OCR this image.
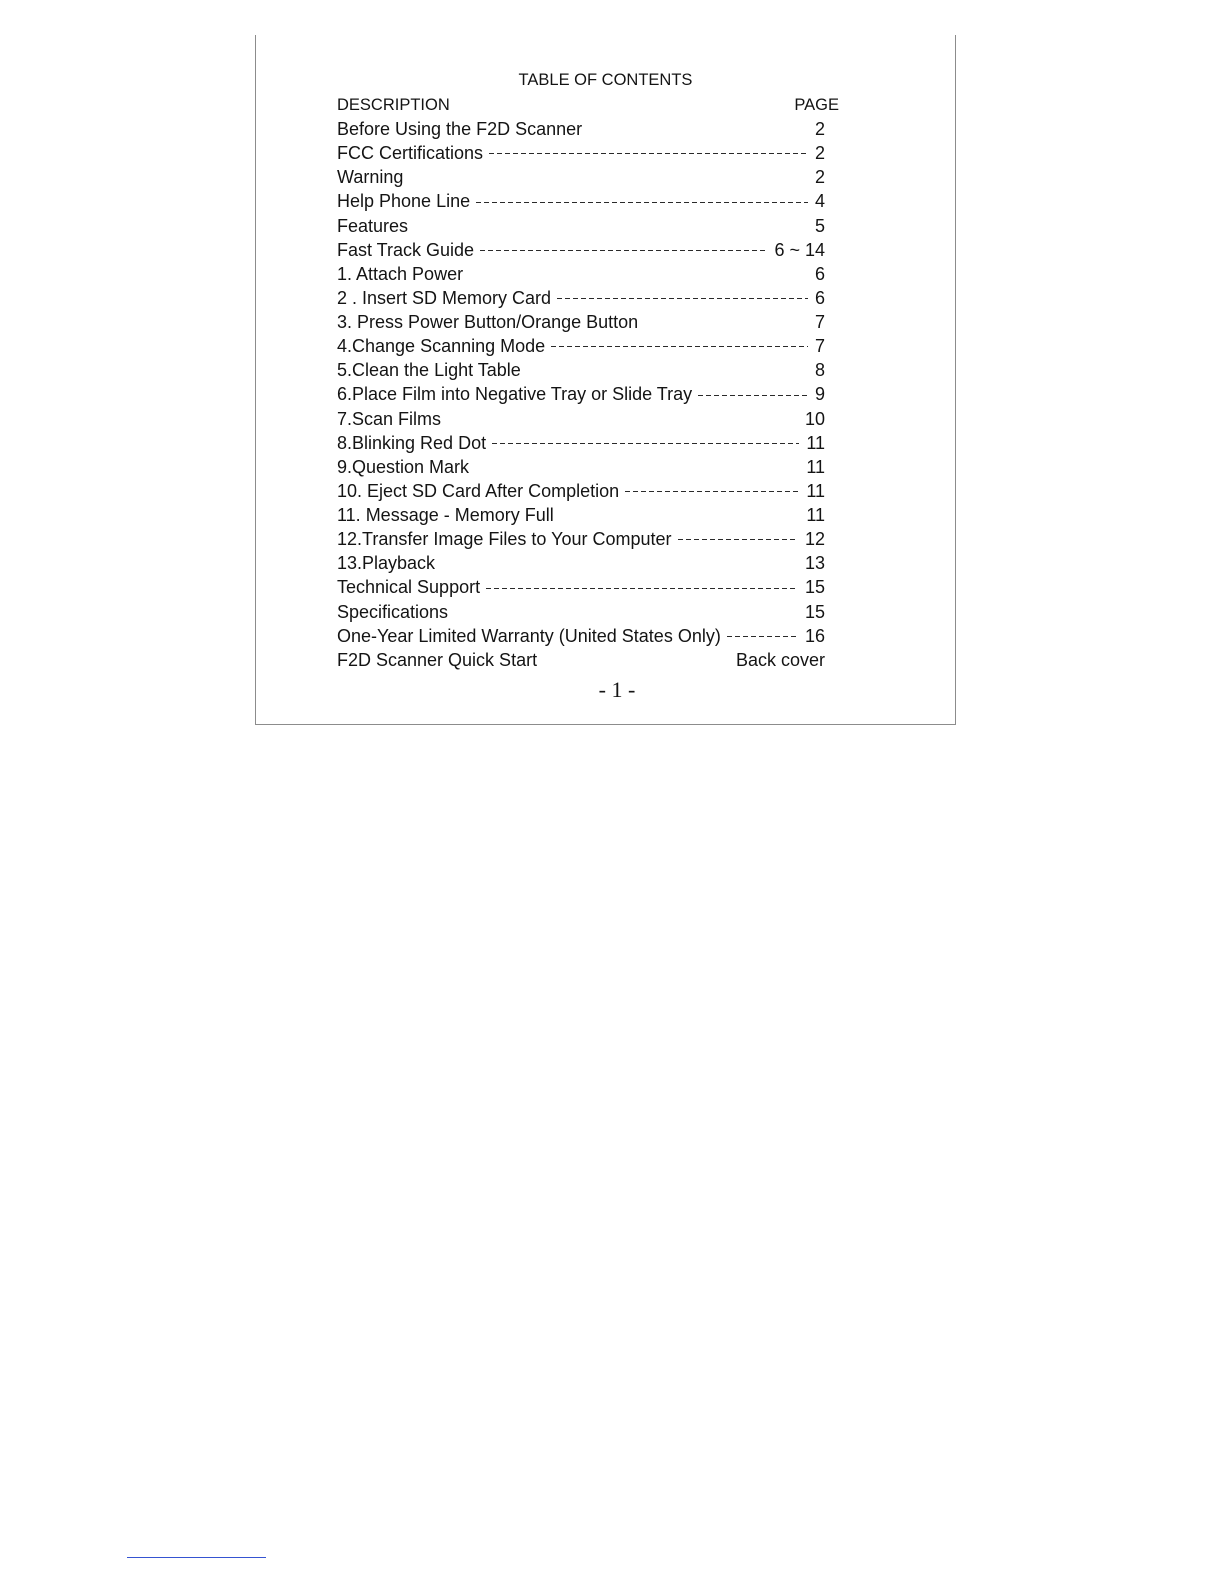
TABLE OF CONTENTS
DESCRIPTION	PAGE
Before Using the F2D Scanner	2
FCC Certifications	2
Warning	2
Help Phone Line	4
Features	5
Fast Track Guide	6 ~ 14
1. Attach Power	6
2 . Insert SD Memory Card	6
3. Press Power Button/Orange Button	7
4.Change Scanning Mode	7
5.Clean the Light Table	8
6.Place Film into Negative Tray or Slide Tray	9
7.Scan Films	10
8.Blinking Red Dot	11
9.Question Mark	11
10. Eject SD Card After Completion	11
11. Message - Memory Full	11
12.Transfer Image Files to Your Computer	12
13.Playback	13
Technical Support	15
Specifications	15
One-Year Limited Warranty (United States Only)	16
F2D Scanner Quick Start	Back cover
- 1 -
